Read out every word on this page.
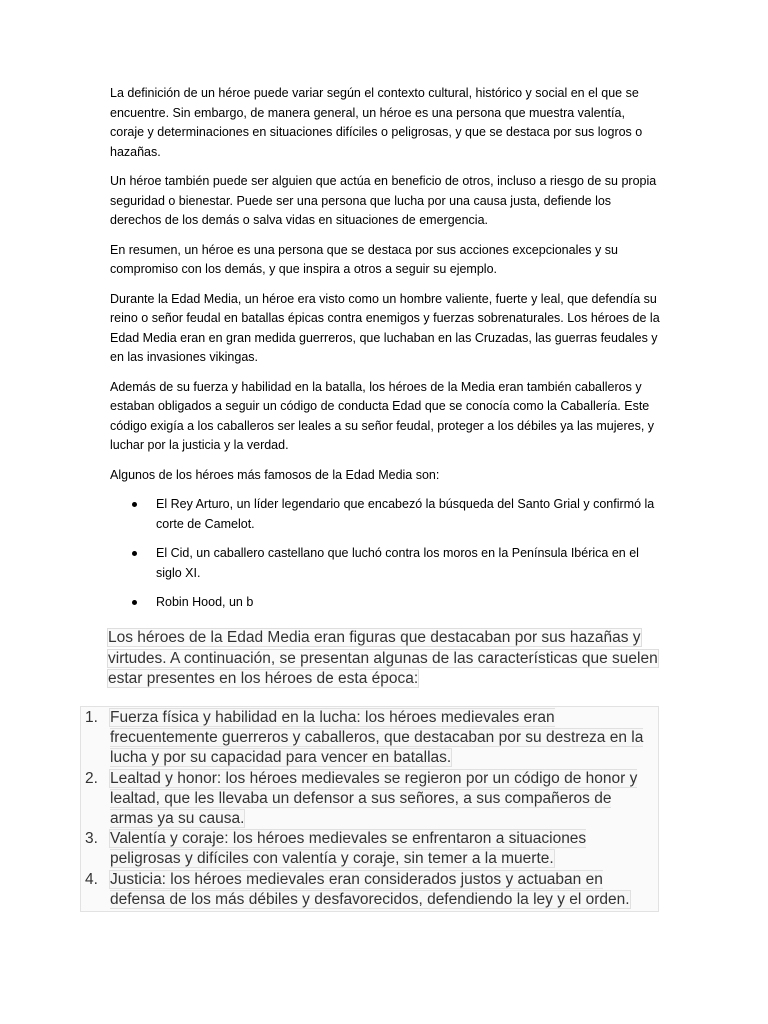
La definición de un héroe puede variar según el contexto cultural, histórico y social en el que se encuentre. Sin embargo, de manera general, un héroe es una persona que muestra valentía, coraje y determinaciones en situaciones difíciles o peligrosas, y que se destaca por sus logros o hazañas.

Un héroe también puede ser alguien que actúa en beneficio de otros, incluso a riesgo de su propia seguridad o bienestar. Puede ser una persona que lucha por una causa justa, defiende los derechos de los demás o salva vidas en situaciones de emergencia.

En resumen, un héroe es una persona que se destaca por sus acciones excepcionales y su compromiso con los demás, y que inspira a otros a seguir su ejemplo.

Durante la Edad Media, un héroe era visto como un hombre valiente, fuerte y leal, que defendía su reino o señor feudal en batallas épicas contra enemigos y fuerzas sobrenaturales. Los héroes de la Edad Media eran en gran medida guerreros, que luchaban en las Cruzadas, las guerras feudales y en las invasiones vikingas.

Además de su fuerza y habilidad en la batalla, los héroes de la Media eran también caballeros y estaban obligados a seguir un código de conducta Edad que se conocía como la Caballería. Este código exigía a los caballeros ser leales a su señor feudal, proteger a los débiles ya las mujeres, y luchar por la justicia y la verdad.

Algunos de los héroes más famosos de la Edad Media son:

El Rey Arturo, un líder legendario que encabezó la búsqueda del Santo Grial y confirmó la corte de Camelot.
El Cid, un caballero castellano que luchó contra los moros en la Península Ibérica en el siglo XI.
Robin Hood, un b
Los héroes de la Edad Media eran figuras que destacaban por sus hazañas y
virtudes. A continuación, se presentan algunas de las características que suelen
estar presentes en los héroes de esta época:
1. Fuerza física y habilidad en la lucha: los héroes medievales eran frecuentemente guerreros y caballeros, que destacaban por su destreza en la lucha y por su capacidad para vencer en batallas.
2. Lealtad y honor: los héroes medievales se regieron por un código de honor y lealtad, que les llevaba un defensor a sus señores, a sus compañeros de armas ya su causa.
3. Valentía y coraje: los héroes medievales se enfrentaron a situaciones peligrosas y difíciles con valentía y coraje, sin temer a la muerte.
4. Justicia: los héroes medievales eran considerados justos y actuaban en defensa de los más débiles y desfavorecidos, defendiendo la ley y el orden.
